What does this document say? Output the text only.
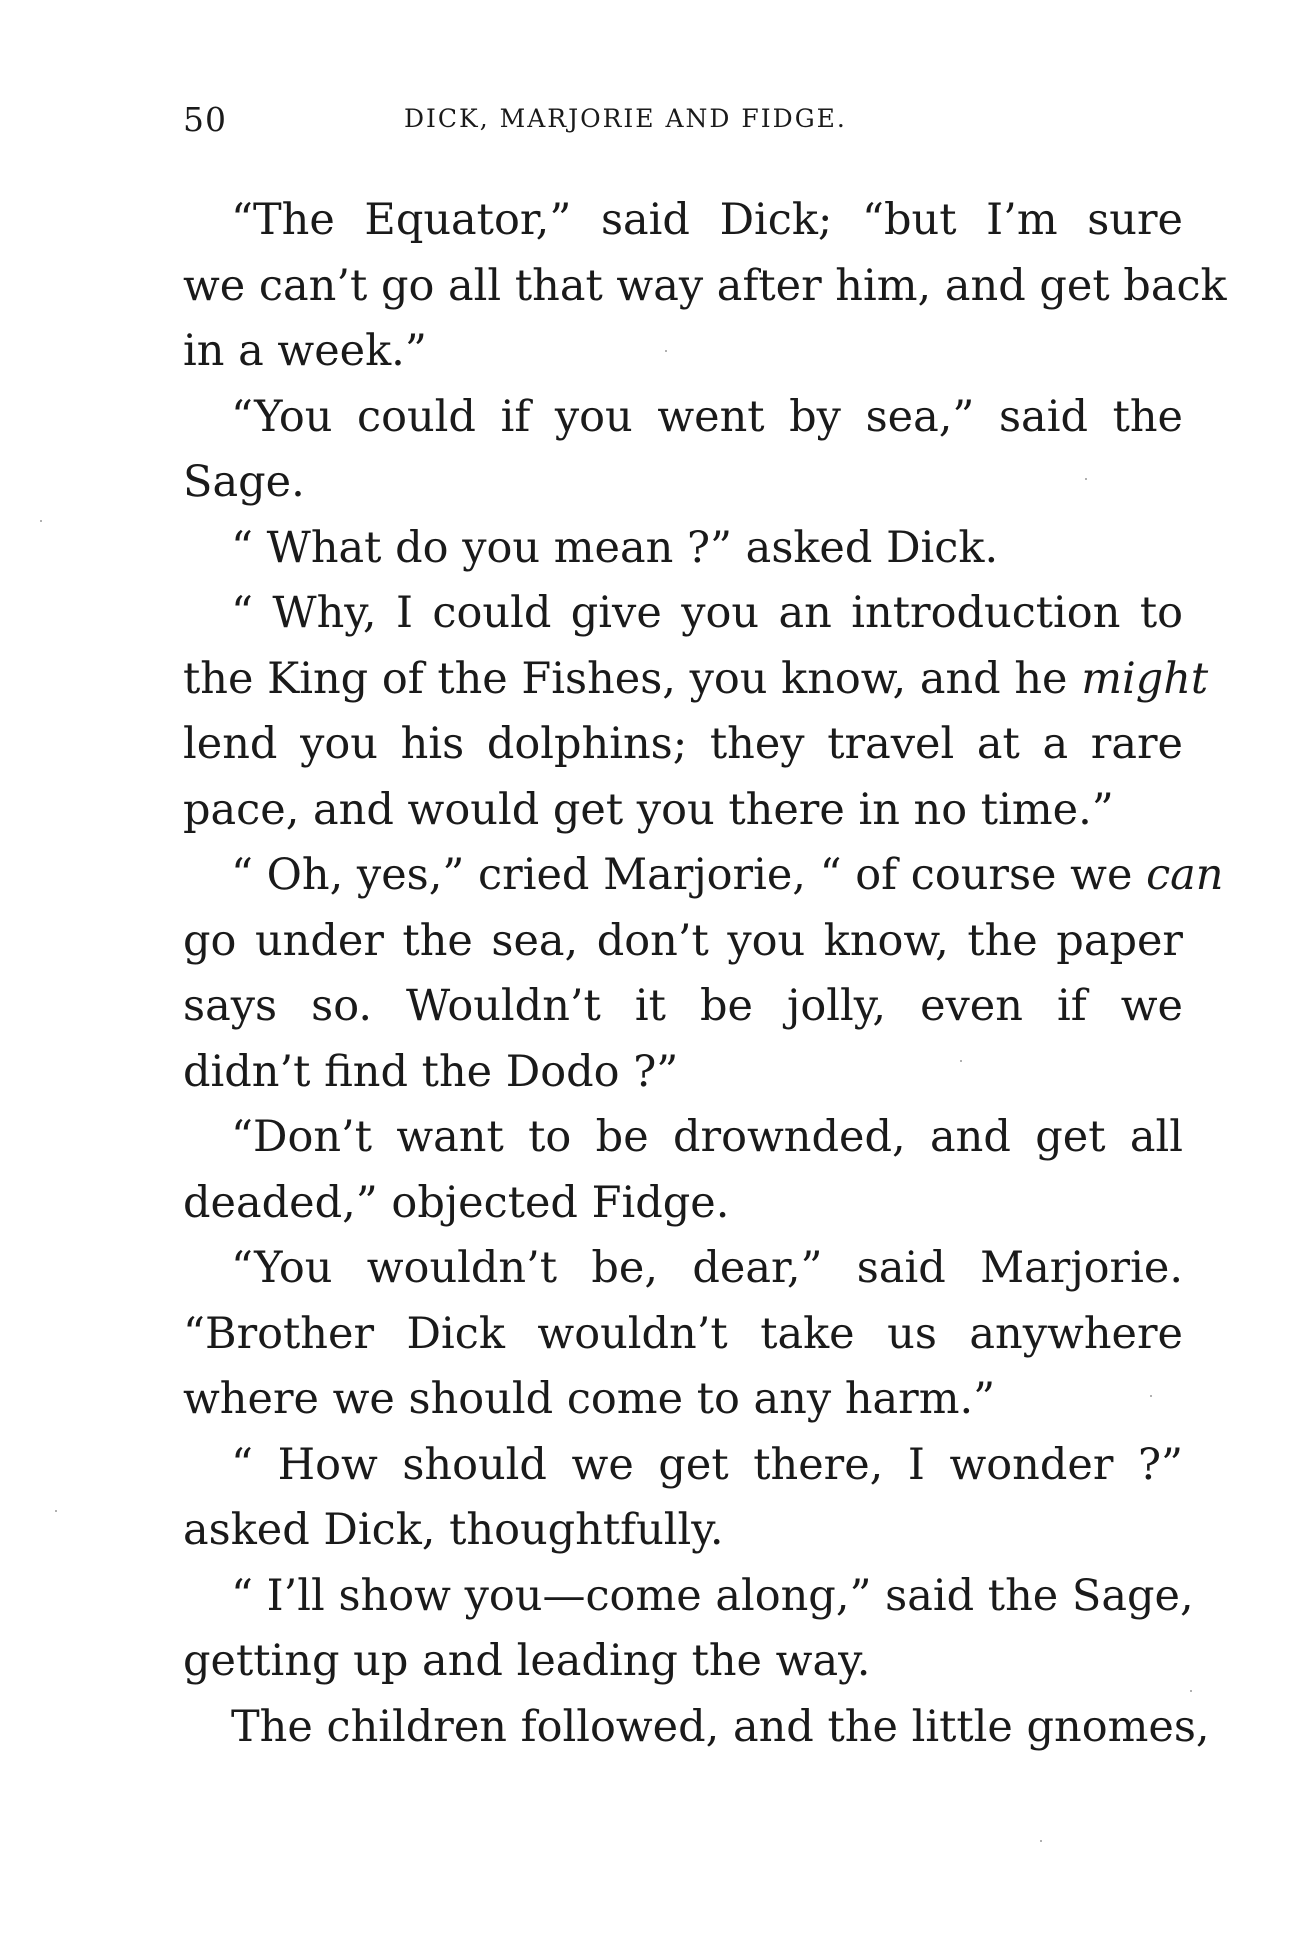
50	DICK, MARJORIE AND FIDGE.
“The Equator,” said Dick; “but I’m sure
we can’t go all that way after him, and get back
in a week.”
“You could if you went by sea,” said the
Sage.
“ What do you mean ?” asked Dick.
“ Why, I could give you an introduction to
the King of the Fishes, you know, and he might
lend you his dolphins; they travel at a rare
pace, and would get you there in no time.”
“ Oh, yes,” cried Marjorie, “ of course we can
go under the sea, don’t you know, the paper
says so. Wouldn’t it be jolly, even if we
didn’t find the Dodo ?”
“Don’t want to be drownded, and get all
deaded,” objected Fidge.
“You wouldn’t be, dear,” said Marjorie.
“Brother Dick wouldn’t take us anywhere
where we should come to any harm.”
“ How should we get there, I wonder ?”
asked Dick, thoughtfully.
“ I’ll show you—come along,” said the Sage,
getting up and leading the way.
The children followed, and the little gnomes,
